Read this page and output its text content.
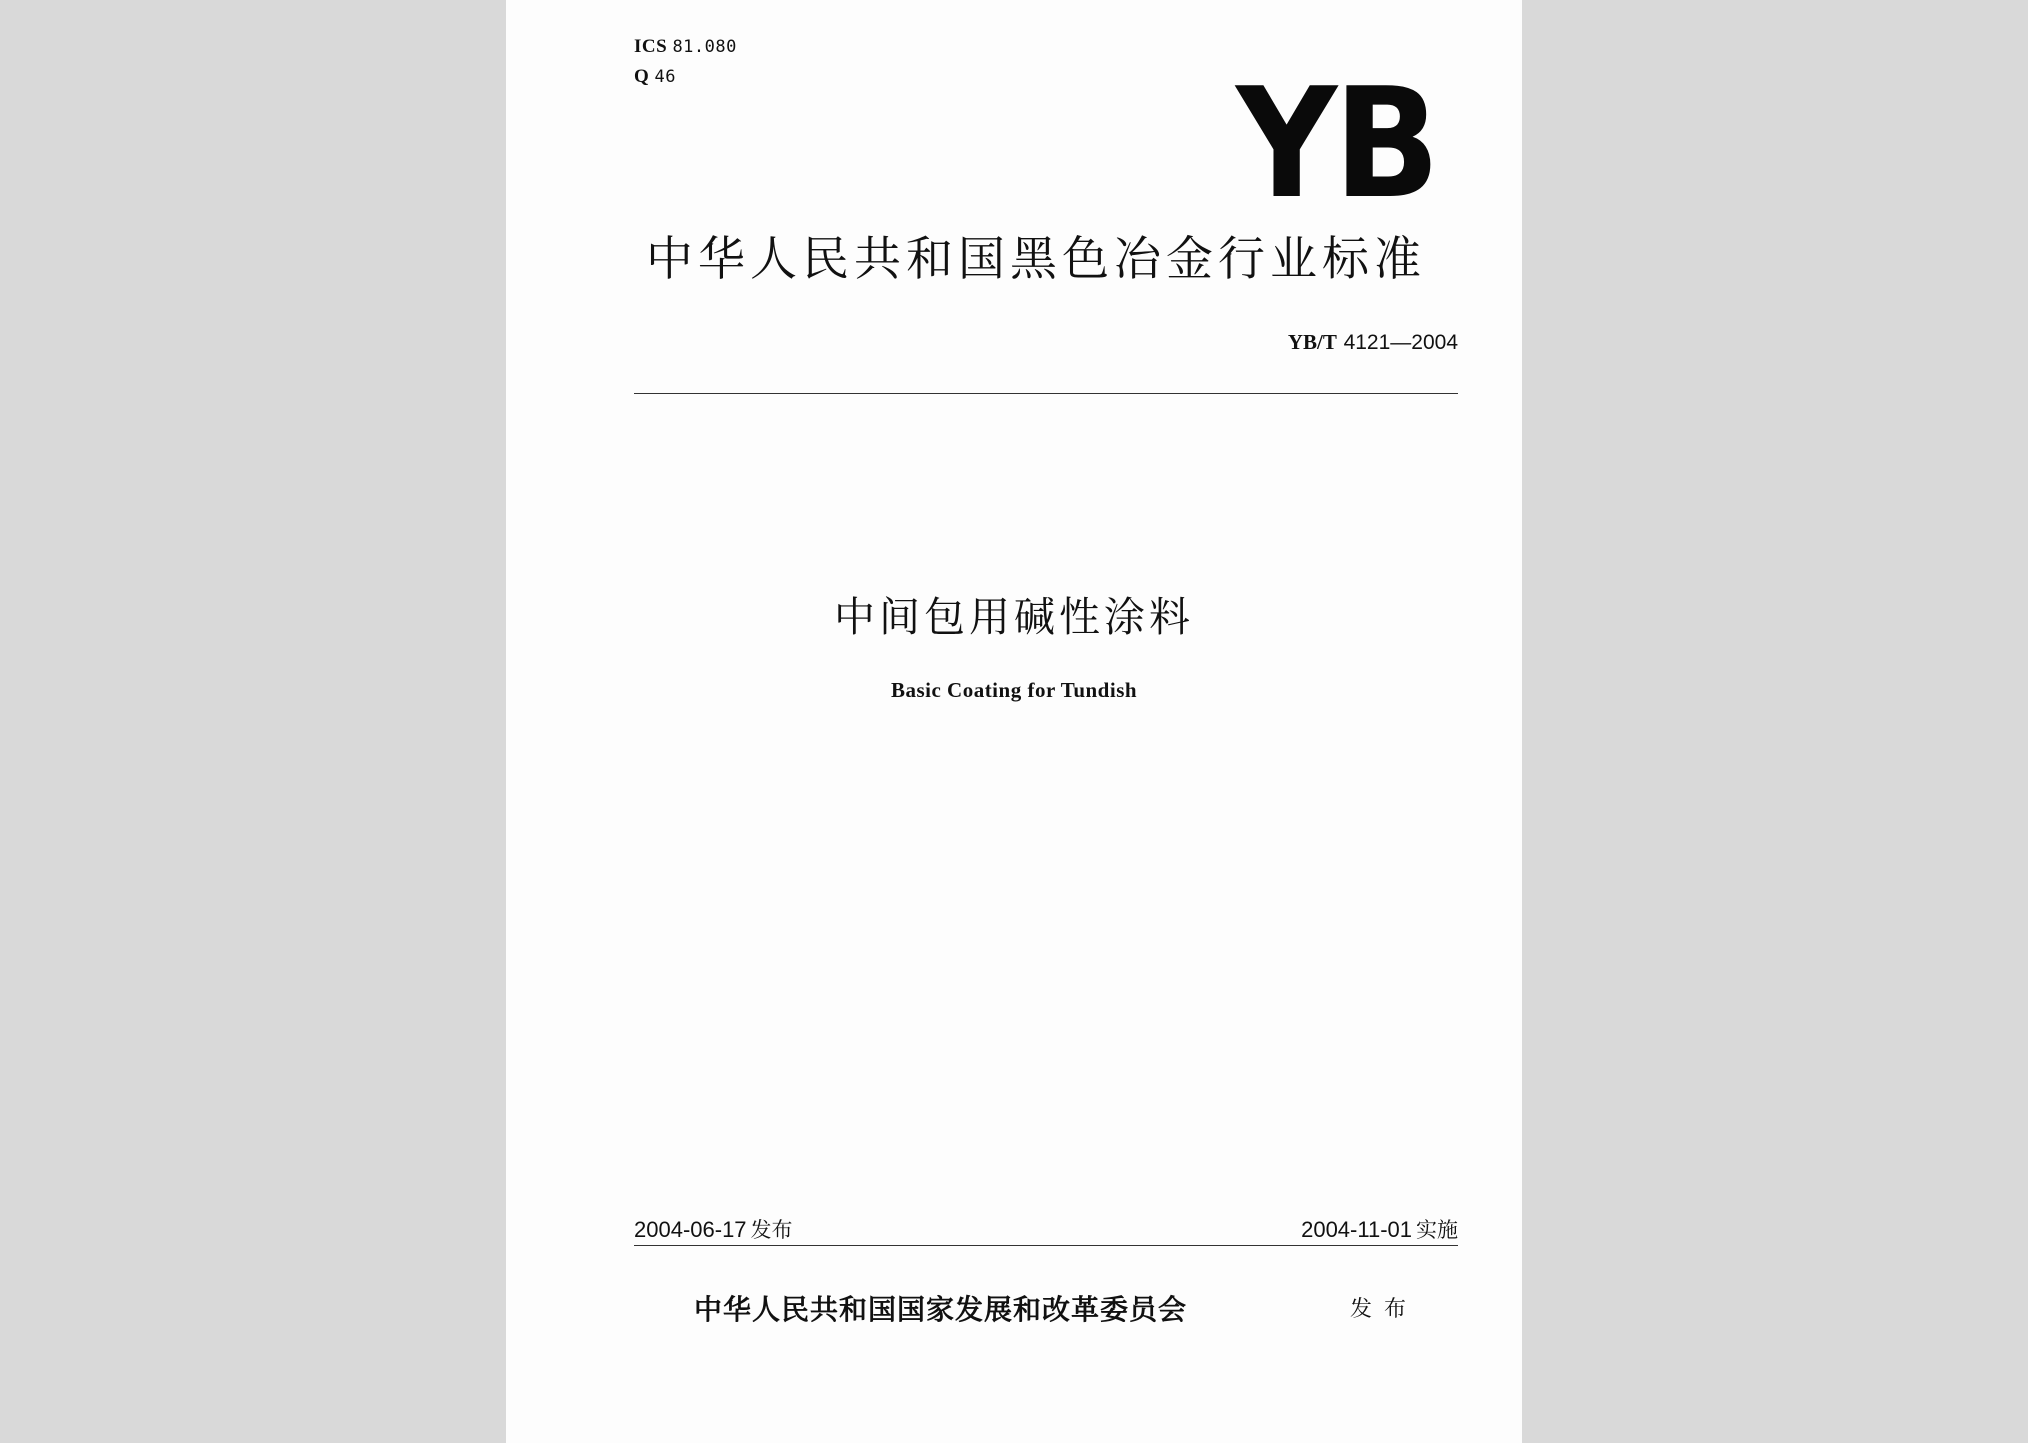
ICS 81.080
Q 46	YB
中华人民共和国黑色冶金行业标准
YB/T 4121—2004
中间包用碱性涂料
Basic Coating for Tundish
2004-06-17 发布	2004-11-01 实施
中华人民共和国国家发展和改革委员会	发布
